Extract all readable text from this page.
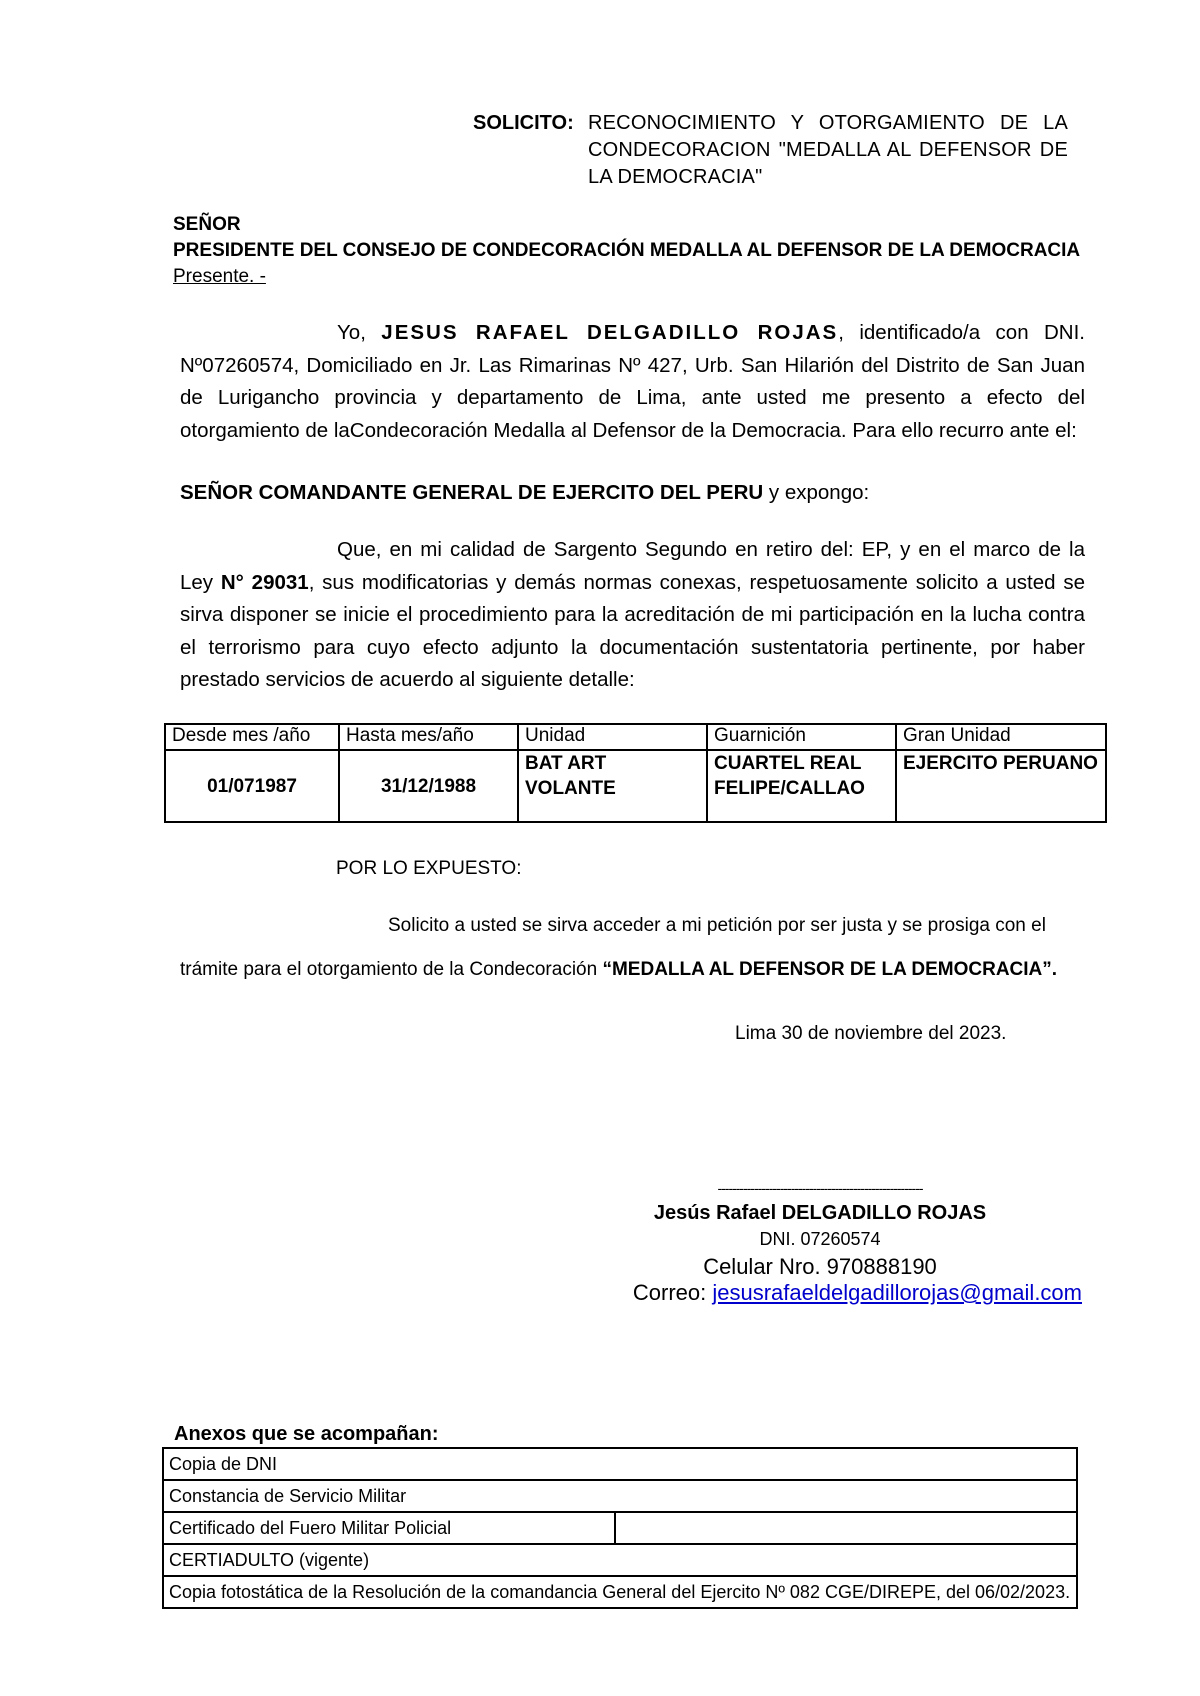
SOLICITO: RECONOCIMIENTO Y OTORGAMIENTO DE LA CONDECORACION "MEDALLA AL DEFENSOR DE LA DEMOCRACIA"
SEÑOR
PRESIDENTE DEL CONSEJO DE CONDECORACIÓN MEDALLA AL DEFENSOR DE LA DEMOCRACIA
Presente. -

Yo, JESUS RAFAEL DELGADILLO ROJAS, identificado/a con DNI. Nº07260574, Domiciliado en Jr. Las Rimarinas Nº 427, Urb. San Hilarión del Distrito de San Juan de Lurigancho provincia y departamento de Lima, ante usted me presento a efecto del otorgamiento de laCondecoración Medalla al Defensor de la Democracia. Para ello recurro ante el:

SEÑOR COMANDANTE GENERAL DE EJERCITO DEL PERU y expongo:

Que, en mi calidad de Sargento Segundo en retiro del: EP, y en el marco de la Ley N° 29031, sus modificatorias y demás normas conexas, respetuosamente solicito a usted se sirva disponer se inicie el procedimiento para la acreditación de mi participación en la lucha contra el terrorismo para cuyo efecto adjunto la documentación sustentatoria pertinente, por haber prestado servicios de acuerdo al siguiente detalle:

Desde mes /año	Hasta mes/año	Unidad	Guarnición	Gran Unidad
01/071987	31/12/1988	BAT ART VOLANTE	CUARTEL REAL FELIPE/CALLAO	EJERCITO PERUANO
POR LO EXPUESTO:

Solicito a usted se sirva acceder a mi petición por ser justa y se prosiga con el trámite para el otorgamiento de la Condecoración “MEDALLA AL DEFENSOR DE LA DEMOCRACIA”.

Lima 30 de noviembre del 2023.
--------------------------------------------------------
Jesús Rafael DELGADILLO ROJAS
DNI. 07260574
Celular Nro. 970888190
Correo: jesusrafaeldelgadillorojas@gmail.com
Anexos que se acompañan:
Copia de DNI
Constancia de Servicio Militar
Certificado del Fuero Militar Policial	
CERTIADULTO (vigente)
Copia fotostática de la Resolución de la comandancia General del Ejercito Nº 082 CGE/DIREPE, del 06/02/2023.
